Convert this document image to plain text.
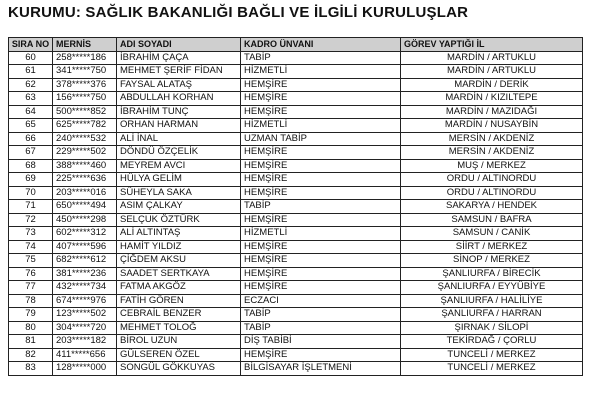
KURUMU: SAĞLIK BAKANLIĞI BAĞLI VE İLGİLİ KURULUŞLAR
SIRA NO	MERNİS	ADI SOYADI	KADRO ÜNVANI	GÖREV YAPTIĞI İL
60	258*****186	İBRAHİM ÇAÇA	TABİP	MARDİN / ARTUKLU
61	341*****750	MEHMET ŞERİF FİDAN	HİZMETLİ	MARDİN / ARTUKLU
62	378*****376	FAYSAL ALATAŞ	HEMŞİRE	MARDİN / DERİK
63	156*****750	ABDULLAH KORHAN	HEMŞİRE	MARDİN / KIZILTEPE
64	500*****852	İBRAHİM TUNÇ	HEMŞİRE	MARDİN / MAZIDAĞI
65	625*****782	ORHAN HARMAN	HİZMETLİ	MARDİN / NUSAYBİN
66	240*****532	ALİ İNAL	UZMAN TABİP	MERSİN / AKDENİZ
67	229*****502	DÖNDÜ ÖZÇELİK	HEMŞİRE	MERSİN / AKDENİZ
68	388*****460	MEYREM AVCI	HEMŞİRE	MUŞ / MERKEZ
69	225*****636	HÜLYA GELİM	HEMŞİRE	ORDU / ALTINORDU
70	203*****016	SÜHEYLA SAKA	HEMŞİRE	ORDU / ALTINORDU
71	650*****494	ASIM ÇALKAY	TABİP	SAKARYA / HENDEK
72	450*****298	SELÇUK ÖZTÜRK	HEMŞİRE	SAMSUN / BAFRA
73	602*****312	ALİ ALTINTAŞ	HİZMETLİ	SAMSUN / CANİK
74	407*****596	HAMİT YILDIZ	HEMŞİRE	SİİRT / MERKEZ
75	682*****612	ÇİĞDEM AKSU	HEMŞİRE	SİNOP / MERKEZ
76	381*****236	SAADET SERTKAYA	HEMŞİRE	ŞANLIURFA / BİRECİK
77	432*****734	FATMA AKGÖZ	HEMŞİRE	ŞANLIURFA / EYYÜBİYE
78	674*****976	FATİH GÖREN	ECZACI	ŞANLIURFA / HALİLİYE
79	123*****502	CEBRAİL BENZER	TABİP	ŞANLIURFA / HARRAN
80	304*****720	MEHMET TOLOĞ	TABİP	ŞIRNAK / SİLOPİ
81	203*****182	BİROL UZUN	DİŞ TABİBİ	TEKİRDAĞ / ÇORLU
82	411*****656	GÜLSEREN ÖZEL	HEMŞİRE	TUNCELİ / MERKEZ
83	128*****000	SONGÜL GÖKKUYAS	BİLGİSAYAR İŞLETMENİ	TUNCELİ / MERKEZ
